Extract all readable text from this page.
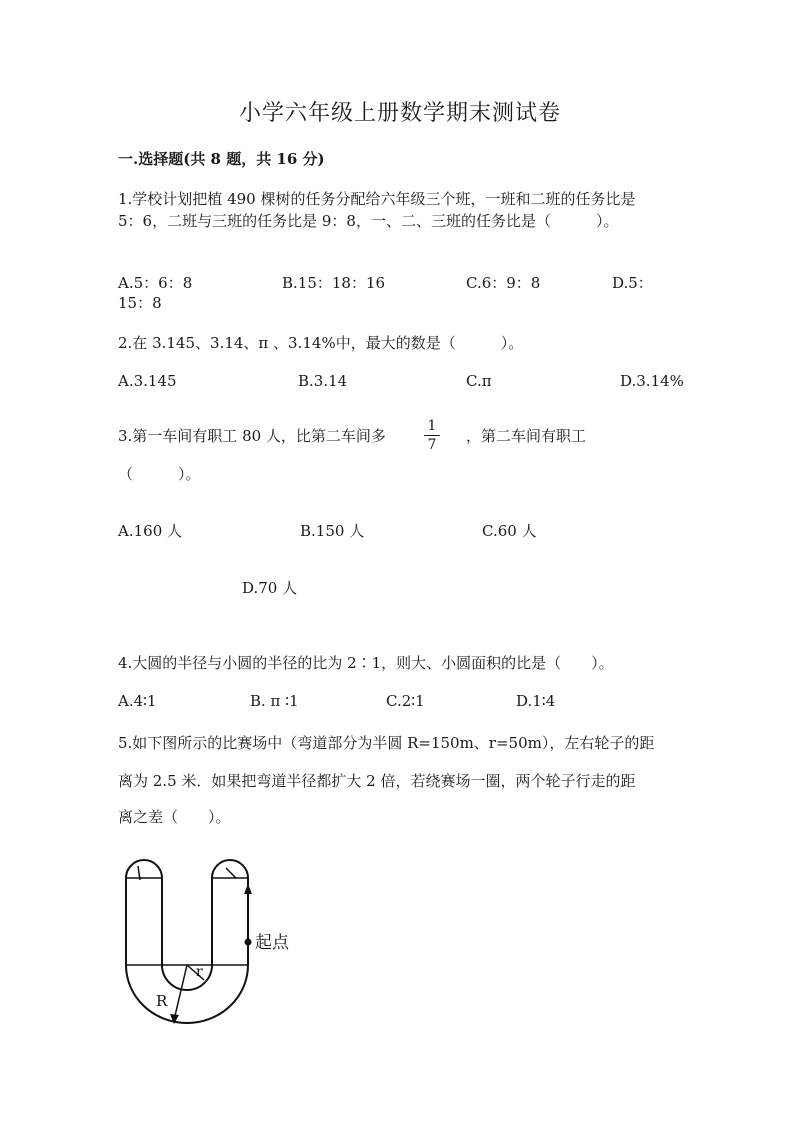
小学六年级上册数学期末测试卷
一.选择题(共 8 题，共 16 分)
1.学校计划把植 490 棵树的任务分配给六年级三个班，一班和二班的任务比是
5：6，二班与三班的任务比是 9：8，一、二、三班的任务比是（　　　）。
A.5：6：8	B.15：18：16	C.6：9：8	D.5：
15：8
2.在 3.145、3.14、π 、3.14%中，最大的数是（　　　）。
A.3.145	B.3.14	C.π	D.3.14%
3.第一车间有职工 80 人，比第二车间多
1
7	，第二车间有职工
（　　　）。
A.160 人	B.150 人	C.60 人
D.70 人
4.大圆的半径与小圆的半径的比为 2∶1，则大、小圆面积的比是（　　）。
A.4∶1	B. π ∶1	C.2∶1	D.1∶4
5.如下图所示的比赛场中（弯道部分为半圆 R=150m、r=50m），左右轮子的距
离为 2.5 米．如果把弯道半径都扩大 2 倍，若绕赛场一圈，两个轮子行走的距
离之差（　　）。
起点
R
r
